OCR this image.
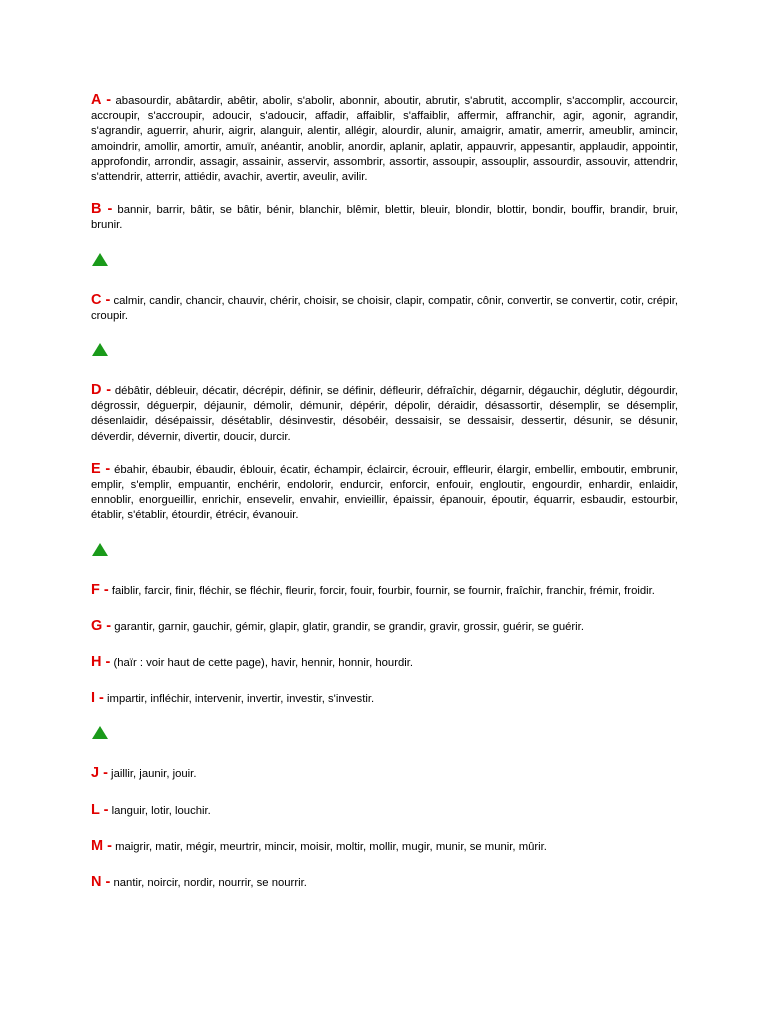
A - abasourdir, abâtardir, abêtir, abolir, s'abolir, abonnir, aboutir, abrutir, s'abrutit, accomplir, s'accomplir, accourcir, accroupir, s'accroupir, adoucir, s'adoucir, affadir, affaiblir, s'affaiblir, affermir, affranchir, agir, agonir, agrandir, s'agrandir, aguerrir, ahurir, aigrir, alanguir, alentir, allégir, alourdir, alunir, amaigrir, amatir, amerrir, ameublir, amincir, amoindrir, amollir, amortir, amuïr, anéantir, anoblir, anordir, aplanir, aplatir, appauvrir, appesantir, applaudir, appointir, approfondir, arrondir, assagir, assainir, asservir, assombrir, assortir, assoupir, assouplir, assourdir, assouvir, attendrir, s'attendrir, atterrir, attiédir, avachir, avertir, aveulir, avilir.

B - bannir, barrir, bâtir, se bâtir, bénir, blanchir, blêmir, blettir, bleuir, blondir, blottir, bondir, bouffir, brandir, bruir, brunir.

C - calmir, candir, chancir, chauvir, chérir, choisir, se choisir, clapir, compatir, cônir, convertir, se convertir, cotir, crépir, croupir.

D - débâtir, débleuir, décatir, décrépir, définir, se définir, défleurir, défraîchir, dégarnir, dégauchir, déglutir, dégourdir, dégrossir, déguerpir, déjaunir, démolir, démunir, dépérir, dépolir, déraidir, désassortir, désemplir, se désemplir, désenlaidir, désépaissir, désétablir, désinvestir, désobéir, dessaisir, se dessaisir, dessertir, désunir, se désunir, déverdir, dévernir, divertir, doucir, durcir.

E - ébahir, ébaubir, ébaudir, éblouir, écatir, échampir, éclaircir, écrouir, effleurir, élargir, embellir, emboutir, embrunir, emplir, s'emplir, empuantir, enchérir, endolorir, endurcir, enforcir, enfouir, engloutir, engourdir, enhardir, enlaidir, ennoblir, enorgueillir, enrichir, ensevelir, envahir, envieillir, épaissir, épanouir, époutir, équarrir, esbaudir, estourbir, établir, s'établir, étourdir, étrécir, évanouir.

F - faiblir, farcir, finir, fléchir, se fléchir, fleurir, forcir, fouir, fourbir, fournir, se fournir, fraîchir, franchir, frémir, froidir.

G - garantir, garnir, gauchir, gémir, glapir, glatir, grandir, se grandir, gravir, grossir, guérir, se guérir.

H - (haïr : voir haut de cette page), havir, hennir, honnir, hourdir.

I - impartir, infléchir, intervenir, invertir, investir, s'investir.

J - jaillir, jaunir, jouir.

L - languir, lotir, louchir.

M - maigrir, matir, mégir, meurtrir, mincir, moisir, moltir, mollir, mugir, munir, se munir, mûrir.

N - nantir, noircir, nordir, nourrir, se nourrir.
